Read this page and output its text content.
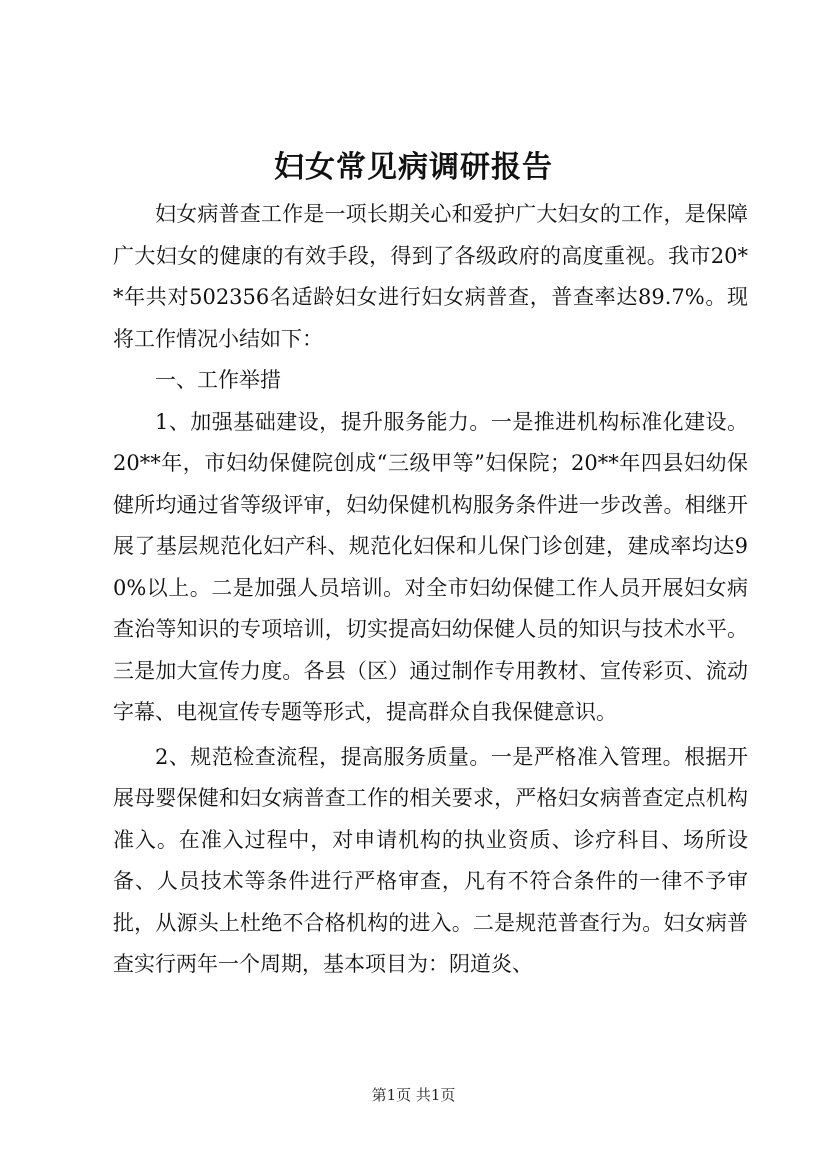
妇女常见病调研报告

妇女病普查工作是一项长期关心和爱护广大妇女的工作，是保障广大妇女的健康的有效手段，得到了各级政府的高度重视。我市20**年共对502356名适龄妇女进行妇女病普查，普查率达89.7%。现将工作情况小结如下：

一、工作举措

1、加强基础建设，提升服务能力。一是推进机构标准化建设。20**年，市妇幼保健院创成“三级甲等”妇保院；20**年四县妇幼保健所均通过省等级评审，妇幼保健机构服务条件进一步改善。相继开展了基层规范化妇产科、规范化妇保和儿保门诊创建，建成率均达90%以上。二是加强人员培训。对全市妇幼保健工作人员开展妇女病查治等知识的专项培训，切实提高妇幼保健人员的知识与技术水平。三是加大宣传力度。各县（区）通过制作专用教材、宣传彩页、流动字幕、电视宣传专题等形式，提高群众自我保健意识。

2、规范检查流程，提高服务质量。一是严格准入管理。根据开展母婴保健和妇女病普查工作的相关要求，严格妇女病普查定点机构准入。在准入过程中，对申请机构的执业资质、诊疗科目、场所设备、人员技术等条件进行严格审查，凡有不符合条件的一律不予审批，从源头上杜绝不合格机构的进入。二是规范普查行为。妇女病普查实行两年一个周期，基本项目为：阴道炎、

第1页 共1页
